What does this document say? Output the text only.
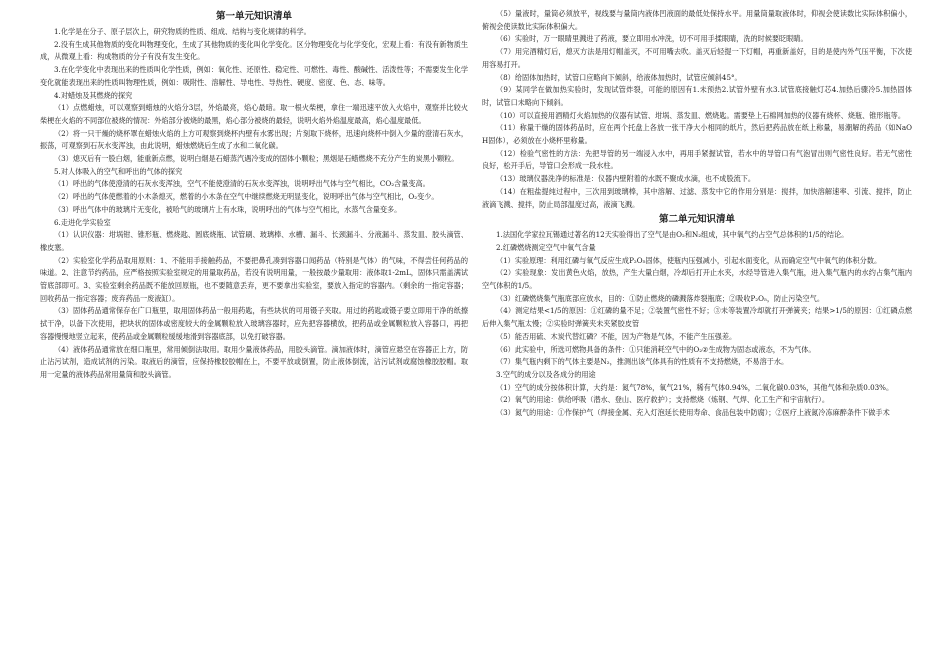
第一单元知识清单

1.化学是在分子、原子层次上，研究物质的性质、组成、结构与变化规律的科学。

2.没有生成其他物质的变化叫物理变化，生成了其他物质的变化叫化学变化。区分物理变化与化学变化，宏观上看：有没有新物质生成，从微观上看：构成物质的分子有没有发生变化。

3.在化学变化中表现出来的性质叫化学性质，例如：氧化性、还原性、稳定性、可燃性、毒性、酸碱性、活泼性等；不需要发生化学变化就能表现出来的性质叫物理性质，例如：吸附性、溶解性、导电性、导热性、硬度、密度、色、态、味等。

4.对蜡烛及其燃烧的探究

（1）点燃蜡烛，可以观察到蜡烛的火焰分3层，外焰最亮，焰心最暗。取一根火柴梗，拿住一端迅速平放入火焰中，观察并比较火柴梗在火焰的不同部位被烧的情况：外焰部分被烧的最黑，焰心部分被烧的最轻，说明火焰外焰温度最高，焰心温度最低。

（2）将一只干燥的烧杯罩在蜡烛火焰的上方可观察到烧杯内壁有水雾出现；片刻取下烧杯，迅速向烧杯中倒入少量的澄清石灰水，振荡，可观察到石灰水变浑浊，由此说明，蜡烛燃烧后生成了水和二氧化碳。

（3）熄灭后有一股白烟，能重新点燃，说明白烟是石蜡蒸汽遇冷变成的固体小颗粒；黑烟是石蜡燃烧不充分产生的炭黑小颗粒。

5.对人体吸入的空气和呼出的气体的探究

（1）呼出的气体使澄清的石灰水变浑浊，空气不能使澄清的石灰水变浑浊，说明呼出气体与空气相比，CO₂含量变高。

（2）呼出的气体使燃着的小木条熄灭，燃着的小木条在空气中继续燃烧无明显变化，说明呼出气体与空气相比，O₂变少。

（3）呼出气体中的玻璃片无变化，被哈气的玻璃片上有水珠，说明呼出的气体与空气相比，水蒸气含量变多。

6.走进化学实验室

（1）认识仪器：坩埚钳、锥形瓶、燃烧匙、圆底烧瓶、试管刷、玻璃棒、水槽、漏斗、长颈漏斗、分液漏斗、蒸发皿、胶头滴管、橡皮塞。

（2）实验室化学药品取用原则：1、不能用手接触药品，不要把鼻孔凑到容器口闻药品（特别是气体）的气味，不得尝任何药品的味道。2、注意节约药品，应严格按照实验室规定的用量取药品，若没有说明用量，一般按最少量取用：液体取1-2mL，固体只需盖满试管底部即可。3、实验室剩余药品既不能放回原瓶，也不要随意丢弃，更不要拿出实验室，要放入指定的容器内。（剩余的一指定容器；回收药品一指定容器；废弃药品一废液缸）。

（3）固体药品通常保存在广口瓶里，取用固体药品一般用药匙，有些块状的可用镊子夹取。用过的药匙或镊子要立即用干净的纸擦拭干净，以备下次使用，把块状的固体或密度较大的金属颗粒放入玻璃容器时，应先把容器横放，把药品或金属颗粒放入容器口，再把容器慢慢地竖立起来，使药品或金属颗粒缓缓地滑到容器底部，以免打破容器。

（4）液体药品通常放在细口瓶里，常用倾倒法取用。取用少量液体药品，用胶头滴管。滴加液体时，滴管应悬空在容器正上方，防止沾污试剂，造成试剂的污染。取液后的滴管，应保持橡胶胶帽在上，不要平放或倒置，防止液体倒流，沾污试剂或腐蚀橡胶胶帽。取用一定量的液体药品常用量筒和胶头滴管。

（5）量液时，量筒必须放平，视线要与量筒内液体凹液面的最低处保持水平。用量筒量取液体时，仰视会使读数比实际体积偏小，俯视会使读数比实际体积偏大。

（6）实验时，万一眼睛里溅进了药液，要立即用水冲洗，切不可用手揉眼睛，洗的时候要眨眼睛。

（7）用完酒精灯后，熄灭方法是用灯帽盖灭，不可用嘴去吹。盖灭后轻提一下灯帽，再重新盖好，目的是使内外气压平衡，下次使用容易打开。

（8）给固体加热时，试管口应略向下倾斜，给液体加热时，试管应倾斜45°。

（9）某同学在做加热实验时，发现试管炸裂，可能的原因有1.未预热2.试管外壁有水3.试管底接触灯芯4.加热后骤冷5.加热固体时，试管口未略向下倾斜。

（10）可以直接用酒精灯火焰加热的仪器有试管、坩埚、蒸发皿、燃烧匙。需要垫上石棉网加热的仪器有烧杯、烧瓶、锥形瓶等。

（11）称量干燥的固体药品时，应在两个托盘上各放一张干净大小相同的纸片，然后把药品放在纸上称量，易潮解的药品（如NaOH固体），必须放在小烧杯里称量。

（12）检验气密性的方法：先把导管的另一端浸入水中，再用手紧握试管，若水中的导管口有气泡冒出则气密性良好。若无气密性良好，松开手后，导管口会形成一段水柱。

（13）玻璃仪器洗净的标准是：仪器内壁附着的水既不聚成水滴，也不成股流下。

（14）在粗盐提纯过程中，三次用到玻璃棒，其中溶解、过滤、蒸发中它的作用分别是：搅拌，加快溶解速率、引流、搅拌，防止液滴飞溅、搅拌，防止局部温度过高，液滴飞溅。

第二单元知识清单

1.法国化学家拉瓦锡通过著名的12天实验得出了空气是由O₂和N₂组成，其中氧气约占空气总体积的1/5的结论。

2.红磷燃烧测定空气中氧气含量

（1）实验原理：利用红磷与氧气反应生成P₂O₅固体，使瓶内压强减小，引起水面变化，从而确定空气中氧气的体积分数。

（2）实验现象：发出黄色火焰，放热，产生大量白烟，冷却后打开止水夹，水经导管进入集气瓶，进入集气瓶内的水约占集气瓶内空气体积的1/5。

（3）红磷燃烧集气瓶底部应放水，目的：①防止燃烧的磷溅落炸裂瓶底；②吸收P₂O₅，防止污染空气。

（4）测定结果<1/5的原因：①红磷的量不足；②装置气密性不好；③未等装置冷却就打开弹簧夹；结果>1/5的原因：①红磷点燃后伸入集气瓶太慢；②实验时弹簧夹未夹紧胶皮管

（5）能否用硫、木炭代替红磷？不能，因为产物是气体，不能产生压强差。

（6）此实验中，所选可燃物具备的条件：①只能消耗空气中的O₂②生成物为固态或液态，不为气体。

（7）集气瓶内剩下的气体主要是N₂，推测出该气体具有的性质有不支持燃烧，不易溶于水。

3.空气的成分以及各成分的用途

（1）空气的成分按体积计算，大约是：氮气78%，氧气21%，稀有气体0.94%，二氧化碳0.03%，其他气体和杂质0.03%。

（2）氧气的用途：供给呼吸（潜水、登山、医疗救护）；支持燃烧（炼钢、气焊、化工生产和宇宙航行）。

（3）氮气的用途：①作保护气（焊接金属、充入灯泡延长使用寿命、食品包装中防腐）；②医疗上液氮冷冻麻醉条件下做手术
